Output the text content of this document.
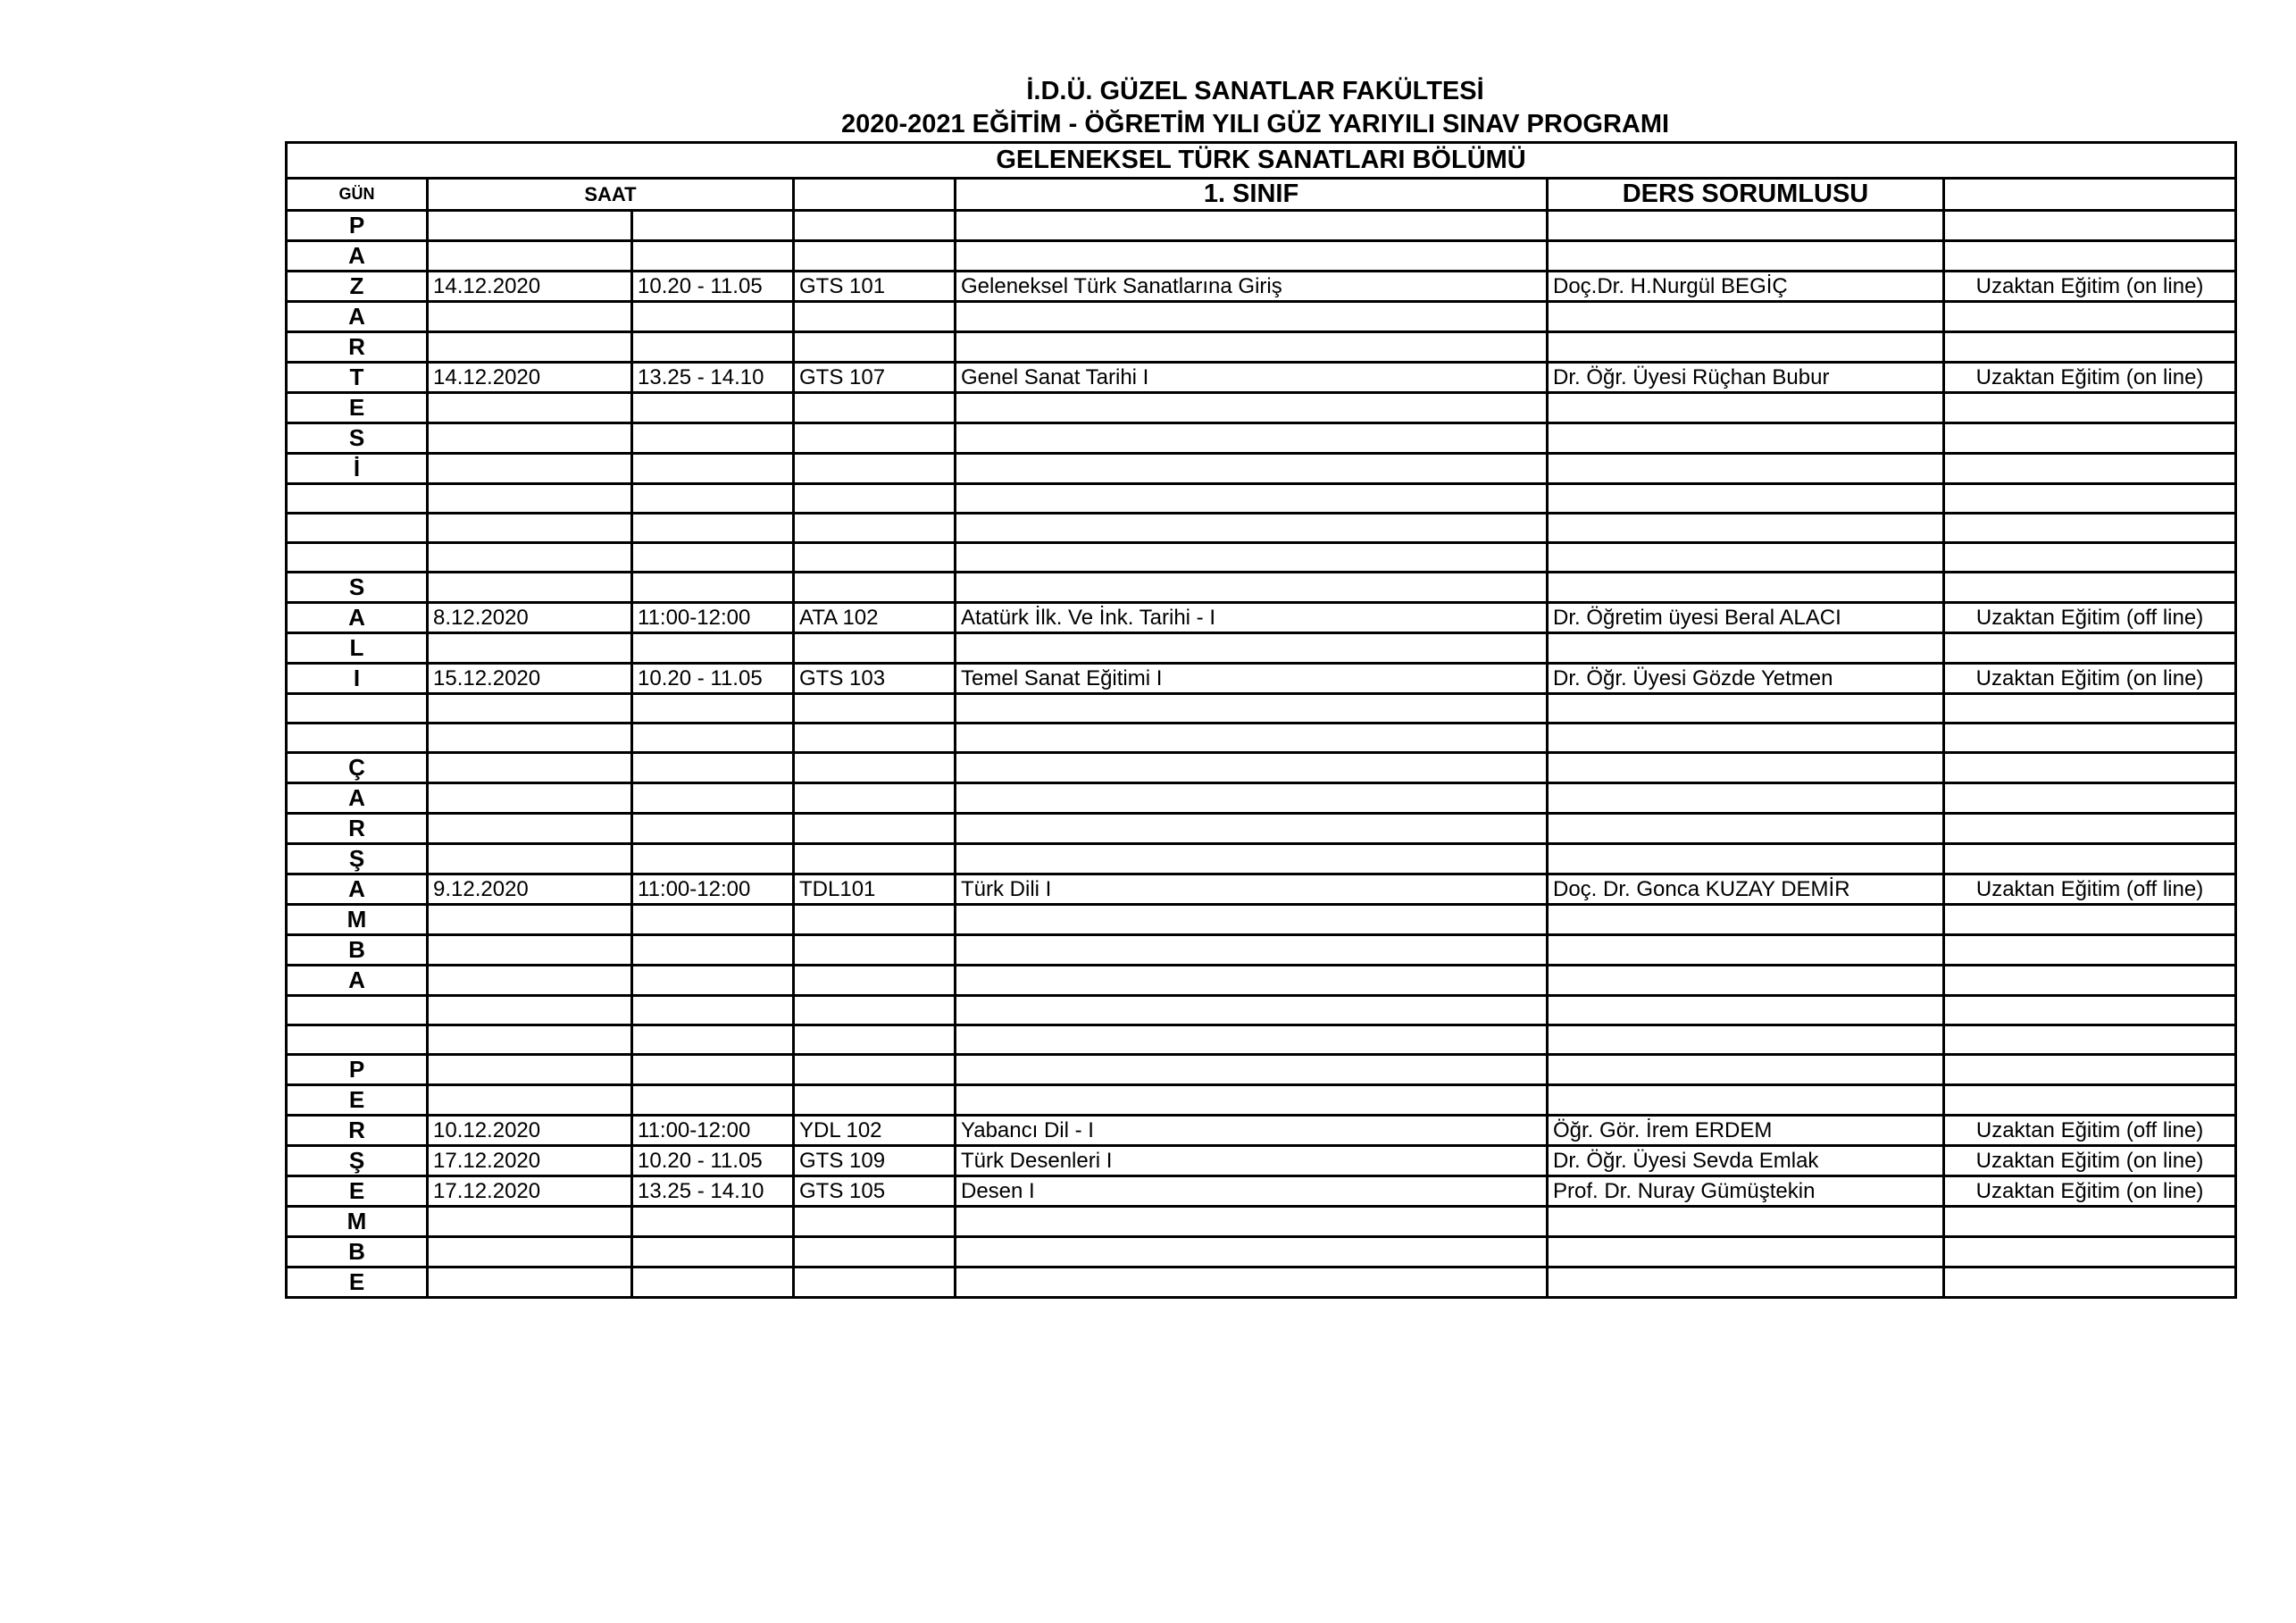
İ.D.Ü. GÜZEL SANATLAR FAKÜLTESİ
2020-2021 EĞİTİM - ÖĞRETİM YILI GÜZ YARIYILI SINAV PROGRAMI
GELENEKSEL TÜRK SANATLARI BÖLÜMÜ						
GÜN	SAAT			1. SINIF	DERS SORUMLUSU	
P						
A						
Z	14.12.2020	10.20 - 11.05	GTS 101	Geleneksel Türk Sanatlarına Giriş	Doç.Dr. H.Nurgül BEGİÇ	Uzaktan Eğitim (on line)
A						
R						
T	14.12.2020	13.25 - 14.10	GTS 107	Genel Sanat Tarihi I	Dr. Öğr. Üyesi Rüçhan Bubur	Uzaktan Eğitim (on line)
E						
S						
İ						

S						
A	8.12.2020	11:00-12:00	ATA 102	Atatürk İlk. Ve İnk. Tarihi - I	Dr. Öğretim üyesi Beral ALACI	Uzaktan Eğitim (off line)
L						
I	15.12.2020	10.20 - 11.05	GTS 103	Temel Sanat Eğitimi I	Dr. Öğr. Üyesi Gözde Yetmen	Uzaktan Eğitim (on line)

Ç						
A						
R						
Ş						
A	9.12.2020	11:00-12:00	TDL101	Türk Dili I	Doç. Dr. Gonca KUZAY DEMİR	Uzaktan Eğitim (off line)
M						
B						
A						

P						
E						
R	10.12.2020	11:00-12:00	YDL 102	Yabancı Dil - I	Öğr. Gör. İrem ERDEM	Uzaktan Eğitim (off line)
Ş	17.12.2020	10.20 - 11.05	GTS 109	Türk Desenleri I	Dr. Öğr. Üyesi Sevda Emlak	Uzaktan Eğitim (on line)
E	17.12.2020	13.25 - 14.10	GTS 105	Desen I	Prof. Dr. Nuray Gümüştekin	Uzaktan Eğitim (on line)
M						
B						
E						
